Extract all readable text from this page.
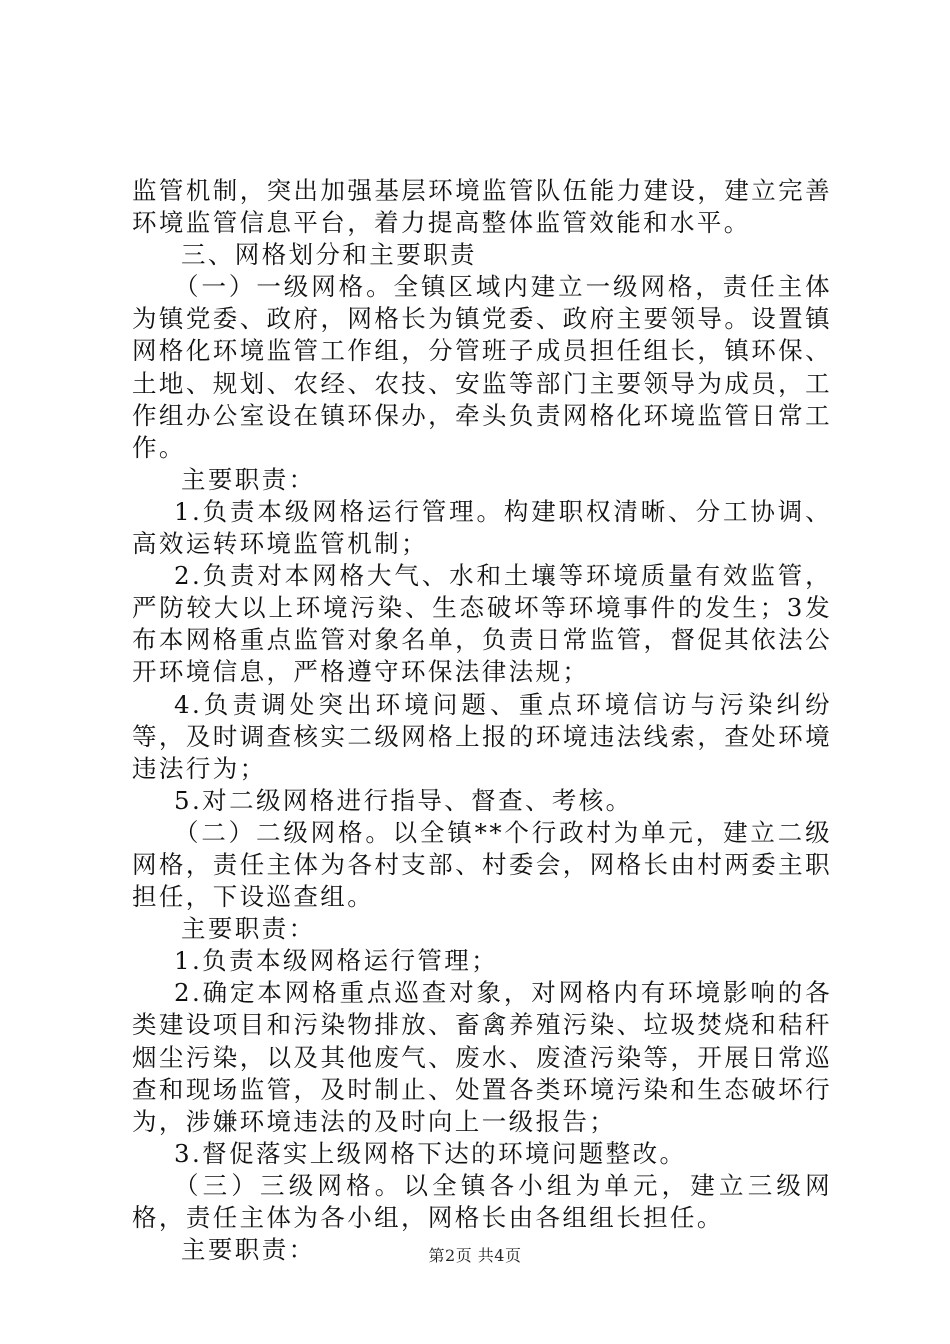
监管机制，突出加强基层环境监管队伍能力建设，建立完善环境监管信息平台，着力提高整体监管效能和水平。

三、网格划分和主要职责

（一）一级网格。全镇区域内建立一级网格，责任主体为镇党委、政府，网格长为镇党委、政府主要领导。设置镇网格化环境监管工作组，分管班子成员担任组长，镇环保、土地、规划、农经、农技、安监等部门主要领导为成员，工作组办公室设在镇环保办，牵头负责网格化环境监管日常工作。

主要职责：

1.负责本级网格运行管理。构建职权清晰、分工协调、高效运转环境监管机制；

2.负责对本网格大气、水和土壤等环境质量有效监管，严防较大以上环境污染、生态破坏等环境事件的发生；3发布本网格重点监管对象名单，负责日常监管，督促其依法公开环境信息，严格遵守环保法律法规；

4.负责调处突出环境问题、重点环境信访与污染纠纷等，及时调查核实二级网格上报的环境违法线索，查处环境违法行为；

5.对二级网格进行指导、督查、考核。

（二）二级网格。以全镇**个行政村为单元，建立二级网格，责任主体为各村支部、村委会，网格长由村两委主职担任，下设巡查组。

主要职责：

1.负责本级网格运行管理；

2.确定本网格重点巡查对象，对网格内有环境影响的各类建设项目和污染物排放、畜禽养殖污染、垃圾焚烧和秸秆烟尘污染，以及其他废气、废水、废渣污染等，开展日常巡查和现场监管，及时制止、处置各类环境污染和生态破坏行为，涉嫌环境违法的及时向上一级报告；

3.督促落实上级网格下达的环境问题整改。

（三）三级网格。以全镇各小组为单元，建立三级网格，责任主体为各小组，网格长由各组组长担任。

主要职责：	第2页 共4页
